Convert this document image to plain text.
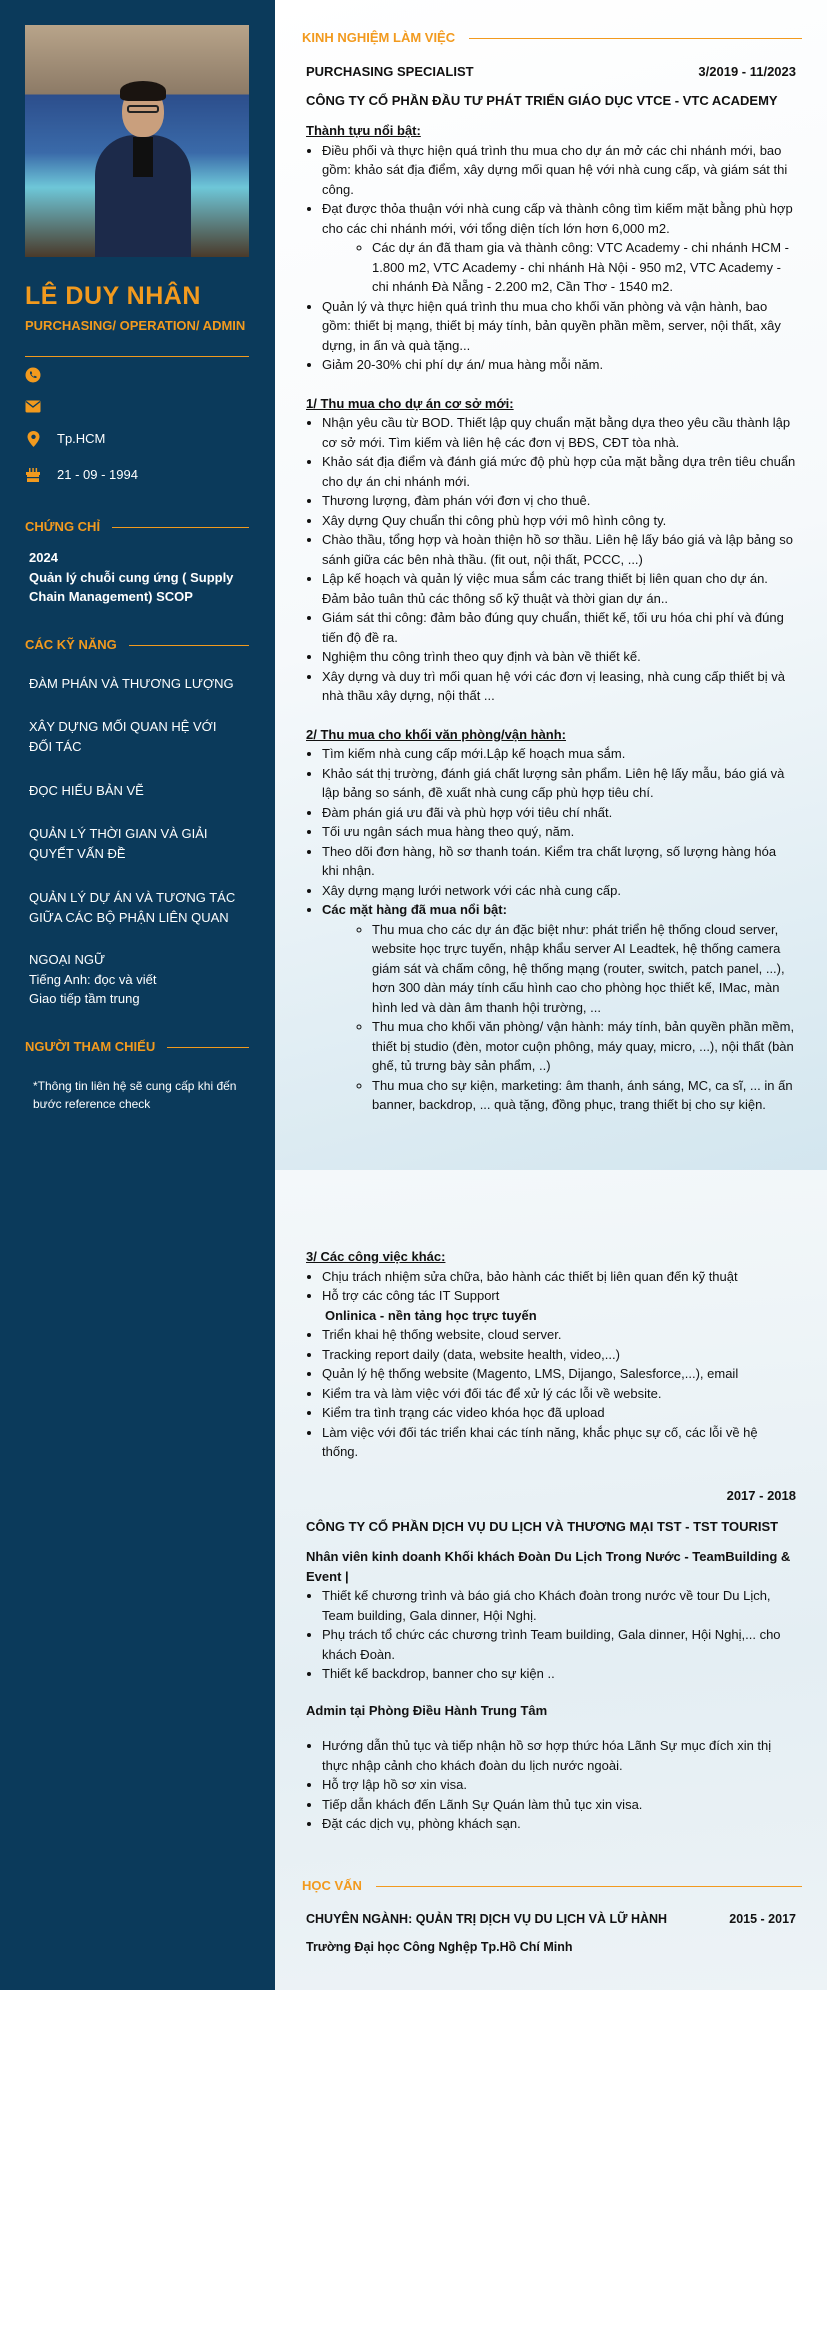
LÊ DUY NHÂN
PURCHASING/ OPERATION/ ADMIN
Tp.HCM
21 - 09 - 1994
CHỨNG CHỈ
2024
Quản lý chuỗi cung ứng ( Supply Chain Management) SCOP
CÁC KỸ NĂNG
ĐÀM PHÁN VÀ THƯƠNG LƯỢNG
XÂY DỰNG MỐI QUAN HỆ VỚI ĐỐI TÁC
ĐỌC HIỂU BẢN VẼ
QUẢN LÝ THỜI GIAN VÀ GIẢI QUYẾT VẤN ĐỀ
QUẢN LÝ DỰ ÁN VÀ TƯƠNG TÁC GIỮA CÁC BỘ PHẬN LIÊN QUAN
NGOẠI NGỮ
Tiếng Anh: đọc và viết
Giao tiếp tầm trung
NGƯỜI THAM CHIẾU
*Thông tin liên hệ sẽ cung cấp khi đến bước reference check
KINH NGHIỆM LÀM VIỆC
PURCHASING SPECIALIST	3/2019 - 11/2023
CÔNG TY CỔ PHẦN ĐẦU TƯ PHÁT TRIỂN GIÁO DỤC VTCE - VTC ACADEMY
Thành tựu nổi bật:
• Điều phối và thực hiện quá trình thu mua cho dự án mở các chi nhánh mới, bao gồm: khảo sát địa điểm, xây dựng mối quan hệ với nhà cung cấp, và giám sát thi công.
• Đạt được thỏa thuận với nhà cung cấp và thành công tìm kiếm mặt bằng phù hợp cho các chi nhánh mới, với tổng diện tích lớn hơn 6,000 m2.
◦ Các dự án đã tham gia và thành công: VTC Academy - chi nhánh HCM - 1.800 m2, VTC Academy - chi nhánh Hà Nội - 950 m2, VTC Academy - chi nhánh Đà Nẵng - 2.200 m2, Cần Thơ - 1540 m2.
• Quản lý và thực hiện quá trình thu mua cho khối văn phòng và vận hành, bao gồm: thiết bị mạng, thiết bị máy tính, bản quyền phần mềm, server, nội thất, xây dựng, in ấn và quà tặng...
• Giảm 20-30% chi phí dự án/ mua hàng mỗi năm.
1/ Thu mua cho dự án cơ sở mới:
• Nhận yêu cầu từ BOD. Thiết lập quy chuẩn mặt bằng dựa theo yêu cầu thành lập cơ sở mới. Tìm kiếm và liên hệ các đơn vị BĐS, CĐT tòa nhà.
• Khảo sát địa điểm và đánh giá mức độ phù hợp của mặt bằng dựa trên tiêu chuẩn cho dự án chi nhánh mới.
• Thương lượng, đàm phán với đơn vị cho thuê.
• Xây dựng Quy chuẩn thi công phù hợp với mô hình công ty.
• Chào thầu, tổng hợp và hoàn thiện hồ sơ thầu. Liên hệ lấy báo giá và lập bảng so sánh giữa các bên nhà thầu. (fit out, nội thất, PCCC, ...)
• Lập kế hoạch và quản lý việc mua sắm các trang thiết bị liên quan cho dự án. Đảm bảo tuân thủ các thông số kỹ thuật và thời gian dự án..
• Giám sát thi công: đảm bảo đúng quy chuẩn, thiết kế, tối ưu hóa chi phí và đúng tiến độ đề ra.
• Nghiệm thu công trình theo quy định và bàn về thiết kế.
• Xây dựng và duy trì mối quan hệ với các đơn vị leasing, nhà cung cấp thiết bị và nhà thầu xây dựng, nội thất ...
2/ Thu mua cho khối văn phòng/vận hành:
• Tìm kiếm nhà cung cấp mới.Lập kế hoạch mua sắm.
• Khảo sát thị trường, đánh giá chất lượng sản phẩm. Liên hệ lấy mẫu, báo giá và lập bảng so sánh, đề xuất nhà cung cấp phù hợp tiêu chí.
• Đàm phán giá ưu đãi và phù hợp với tiêu chí nhất.
• Tối ưu ngân sách mua hàng theo quý, năm.
• Theo dõi đơn hàng, hồ sơ thanh toán. Kiểm tra chất lượng, số lượng hàng hóa khi nhận.
• Xây dựng mạng lưới network với các nhà cung cấp.
• Các mặt hàng đã mua nổi bật:
◦ Thu mua cho các dự án đặc biệt như: phát triển hệ thống cloud server, website học trực tuyến, nhập khẩu server AI Leadtek, hệ thống camera giám sát và chấm công, hệ thống mạng (router, switch, patch panel, ...), hơn 300 dàn máy tính cấu hình cao cho phòng học thiết kế, IMac, màn hình led và dàn âm thanh hội trường, ...
◦ Thu mua cho khối văn phòng/ vận hành: máy tính, bản quyền phần mềm, thiết bị studio (đèn, motor cuộn phông, máy quay, micro, ...), nội thất (bàn ghế, tủ trưng bày sản phẩm, ..)
◦ Thu mua cho sự kiện, marketing: âm thanh, ánh sáng, MC, ca sĩ, ... in ấn banner, backdrop, ... quà tặng, đồng phục, trang thiết bị cho sự kiện.
3/ Các công việc khác:
• Chịu trách nhiệm sửa chữa, bảo hành các thiết bị liên quan đến kỹ thuật
• Hỗ trợ các công tác IT Support
Onlinica - nền tảng học trực tuyến
• Triển khai hệ thống website, cloud server.
• Tracking report daily (data, website health, video,...)
• Quản lý hệ thống website (Magento, LMS, Dijango, Salesforce,...), email
• Kiểm tra và làm việc với đối tác để xử lý các lỗi về website.
• Kiểm tra tình trạng các video khóa học đã upload
• Làm việc với đối tác triển khai các tính năng, khắc phục sự cố, các lỗi về hệ thống.
2017 - 2018
CÔNG TY CỔ PHẦN DỊCH VỤ DU LỊCH VÀ THƯƠNG MẠI TST - TST TOURIST
Nhân viên kinh doanh Khối khách Đoàn Du Lịch Trong Nước - TeamBuilding & Event |
• Thiết kế chương trình và báo giá cho Khách đoàn trong nước về tour Du Lịch, Team building, Gala dinner, Hội Nghị.
• Phụ trách tổ chức các chương trình Team building, Gala dinner, Hội Nghị,... cho khách Đoàn.
• Thiết kế backdrop, banner cho sự kiện ..
Admin tại Phòng Điều Hành Trung Tâm
• Hướng dẫn thủ tục và tiếp nhận hồ sơ hợp thức hóa Lãnh Sự mục đích xin thị thực nhập cảnh cho khách đoàn du lịch nước ngoài.
• Hỗ trợ lập hồ sơ xin visa.
• Tiếp dẫn khách đến Lãnh Sự Quán làm thủ tục xin visa.
• Đặt các dịch vụ, phòng khách sạn.
HỌC VẤN
CHUYÊN NGÀNH: QUẢN TRỊ DỊCH VỤ DU LỊCH VÀ LỮ HÀNH	2015 - 2017
Trường Đại học Công Nghệp Tp.Hồ Chí Minh
